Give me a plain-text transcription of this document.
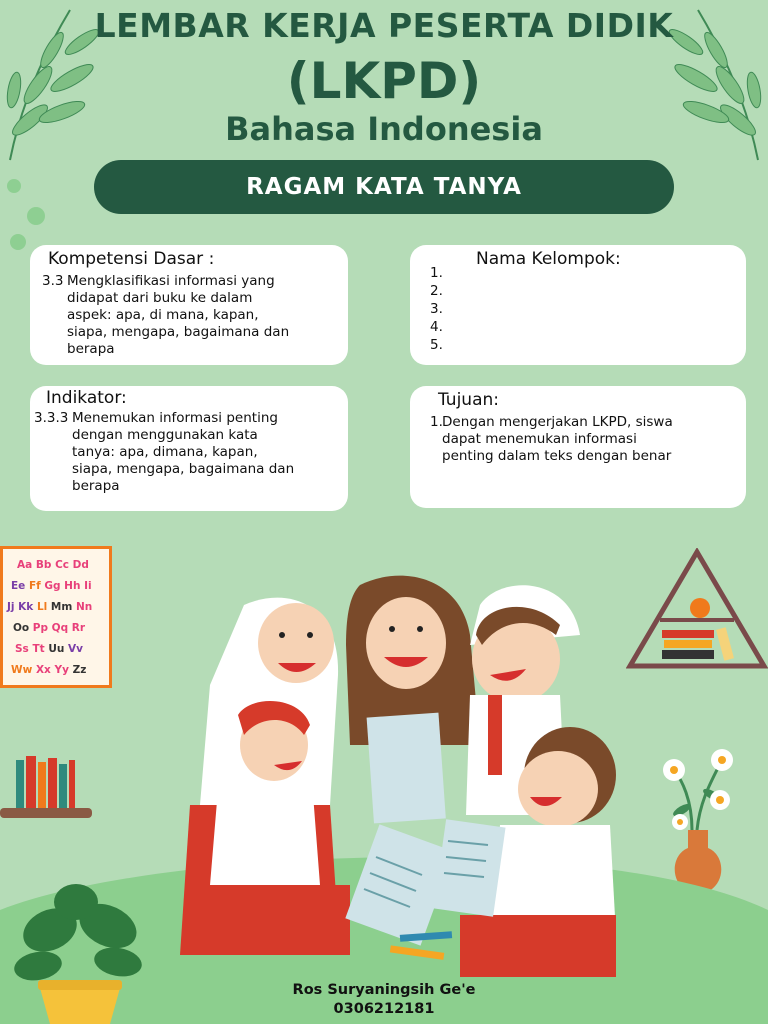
LEMBAR KERJA PESERTA DIDIK
(LKPD)
Bahasa Indonesia
RAGAM KATA TANYA
Kompetensi Dasar :
3.3 Mengklasifikasi informasi yang
didapat dari buku ke dalam
aspek: apa, di mana, kapan,
siapa, mengapa, bagaimana dan
berapa
Nama Kelompok:
1.
2.
3.
4.
5.
Indikator:
3.3.3 Menemukan informasi penting
dengan menggunakan kata
tanya: apa, dimana, kapan,
siapa, mengapa, bagaimana dan
berapa
Tujuan:
1. Dengan mengerjakan LKPD, siswa
dapat menemukan informasi
penting dalam teks dengan benar
Aa Bb Cc Dd
Ee Ff Gg Hh Ii
Jj Kk Ll Mm Nn
Oo Pp Qq Rr
Ss Tt Uu Vv
Ww Xx Yy Zz
Ros Suryaningsih Ge'e
0306212181
